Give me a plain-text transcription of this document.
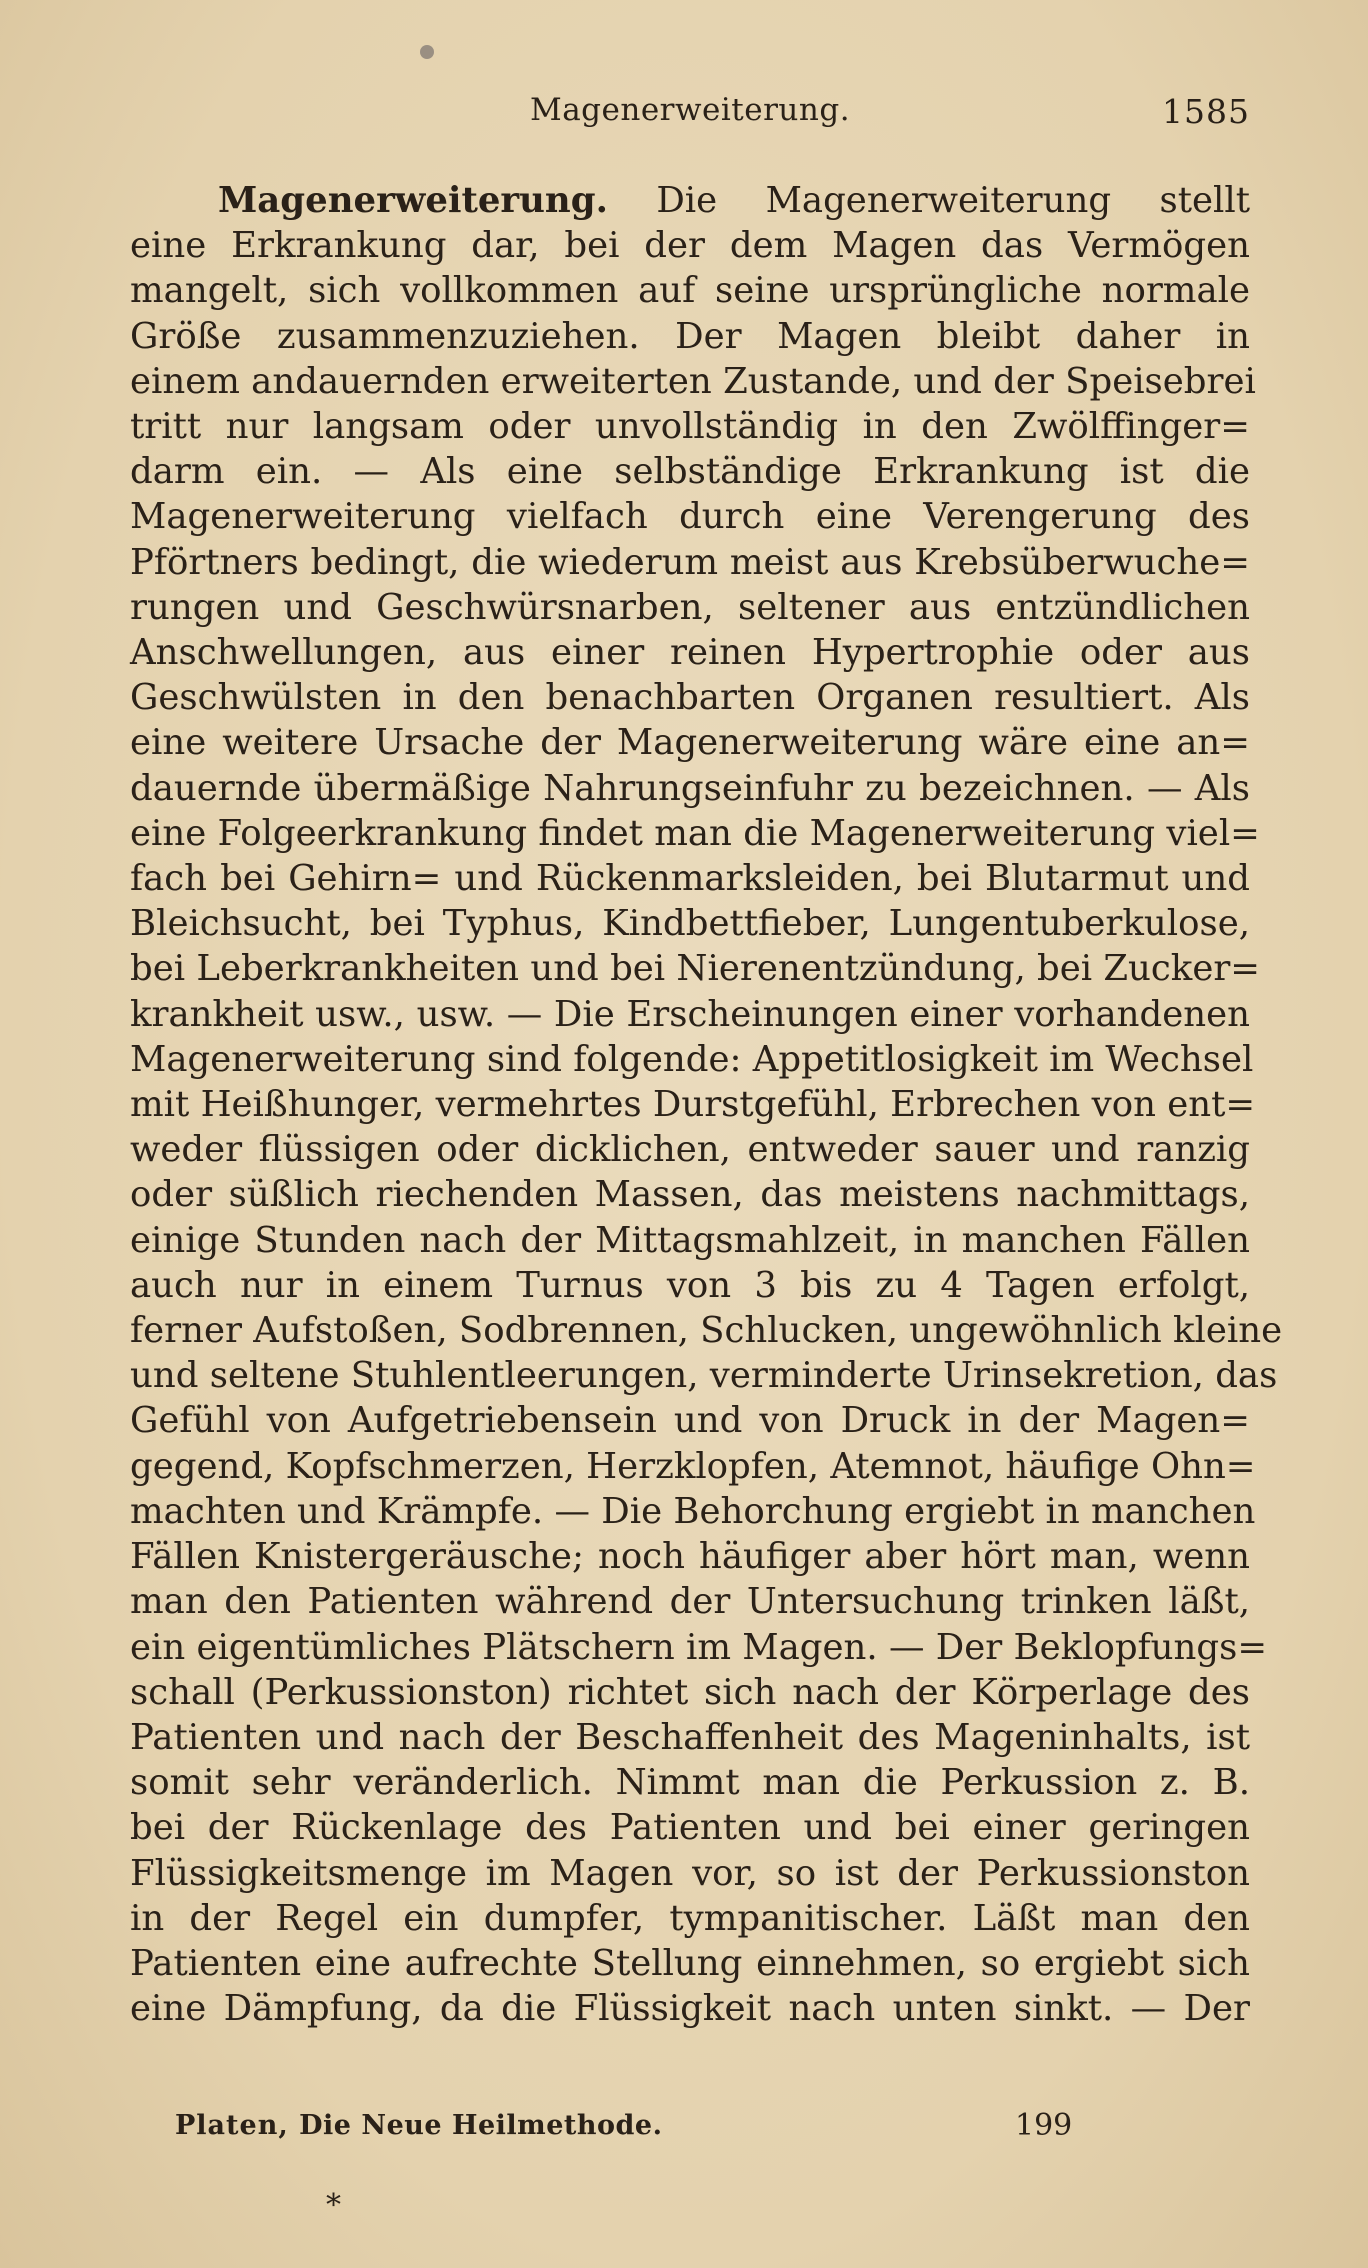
Magenerweiterung.	1585
Magenerweiterung. Die Magenerweiterung stellt
eine Erkrankung dar, bei der dem Magen das Vermögen
mangelt, sich vollkommen auf seine ursprüngliche normale
Größe zusammenzuziehen. Der Magen bleibt daher in
einem andauernden erweiterten Zustande, und der Speisebrei
tritt nur langsam oder unvollständig in den Zwölffinger=
darm ein. — Als eine selbständige Erkrankung ist die
Magenerweiterung vielfach durch eine Verengerung des
Pförtners bedingt, die wiederum meist aus Krebsüberwuche=
rungen und Geschwürsnarben, seltener aus entzündlichen
Anschwellungen, aus einer reinen Hypertrophie oder aus
Geschwülsten in den benachbarten Organen resultiert. Als
eine weitere Ursache der Magenerweiterung wäre eine an=
dauernde übermäßige Nahrungseinfuhr zu bezeichnen. — Als
eine Folgeerkrankung findet man die Magenerweiterung viel=
fach bei Gehirn= und Rückenmarksleiden, bei Blutarmut und
Bleichsucht, bei Typhus, Kindbettfieber, Lungentuberkulose,
bei Leberkrankheiten und bei Nierenentzündung, bei Zucker=
krankheit usw., usw. — Die Erscheinungen einer vorhandenen
Magenerweiterung sind folgende: Appetitlosigkeit im Wechsel
mit Heißhunger, vermehrtes Durstgefühl, Erbrechen von ent=
weder flüssigen oder dicklichen, entweder sauer und ranzig
oder süßlich riechenden Massen, das meistens nachmittags,
einige Stunden nach der Mittagsmahlzeit, in manchen Fällen
auch nur in einem Turnus von 3 bis zu 4 Tagen erfolgt,
ferner Aufstoßen, Sodbrennen, Schlucken, ungewöhnlich kleine
und seltene Stuhlentleerungen, verminderte Urinsekretion, das
Gefühl von Aufgetriebensein und von Druck in der Magen=
gegend, Kopfschmerzen, Herzklopfen, Atemnot, häufige Ohn=
machten und Krämpfe. — Die Behorchung ergiebt in manchen
Fällen Knistergeräusche; noch häufiger aber hört man, wenn
man den Patienten während der Untersuchung trinken läßt,
ein eigentümliches Plätschern im Magen. — Der Beklopfungs=
schall (Perkussionston) richtet sich nach der Körperlage des
Patienten und nach der Beschaffenheit des Mageninhalts, ist
somit sehr veränderlich. Nimmt man die Perkussion z. B.
bei der Rückenlage des Patienten und bei einer geringen
Flüssigkeitsmenge im Magen vor, so ist der Perkussionston
in der Regel ein dumpfer, tympanitischer. Läßt man den
Patienten eine aufrechte Stellung einnehmen, so ergiebt sich
eine Dämpfung, da die Flüssigkeit nach unten sinkt. — Der
Platen, Die Neue Heilmethode.	199
*
